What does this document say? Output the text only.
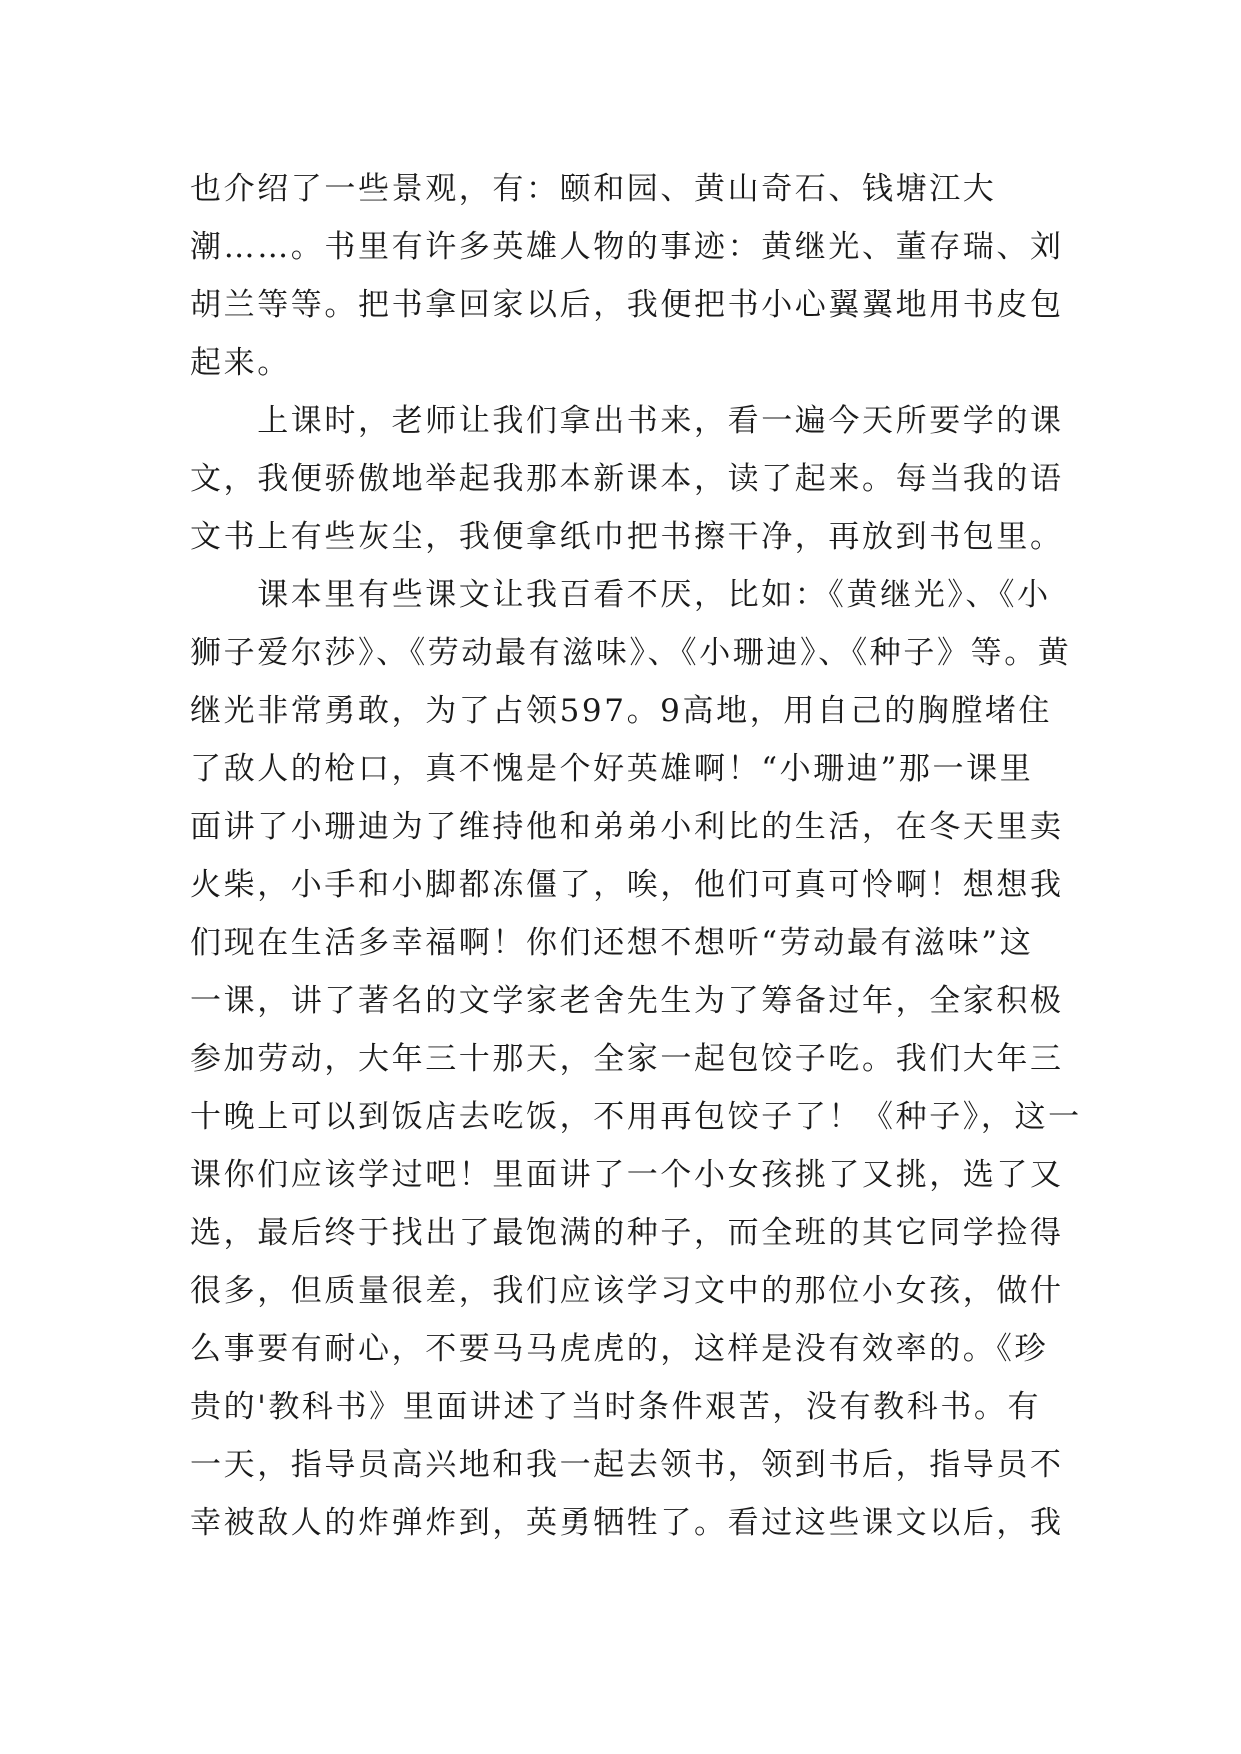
也介绍了一些景观，有：颐和园、黄山奇石、钱塘江大
潮……。书里有许多英雄人物的事迹：黄继光、董存瑞、刘
胡兰等等。把书拿回家以后，我便把书小心翼翼地用书皮包
起来。
　　上课时，老师让我们拿出书来，看一遍今天所要学的课
文，我便骄傲地举起我那本新课本，读了起来。每当我的语
文书上有些灰尘，我便拿纸巾把书擦干净，再放到书包里。
　　课本里有些课文让我百看不厌，比如：《黄继光》、《小
狮子爱尔莎》、《劳动最有滋味》、《小珊迪》、《种子》等。黄
继光非常勇敢，为了占领597。9高地，用自己的胸膛堵住
了敌人的枪口，真不愧是个好英雄啊！“小珊迪”那一课里
面讲了小珊迪为了维持他和弟弟小利比的生活，在冬天里卖
火柴，小手和小脚都冻僵了，唉，他们可真可怜啊！想想我
们现在生活多幸福啊！你们还想不想听“劳动最有滋味”这
一课，讲了著名的文学家老舍先生为了筹备过年，全家积极
参加劳动，大年三十那天，全家一起包饺子吃。我们大年三
十晚上可以到饭店去吃饭，不用再包饺子了！《种子》，这一
课你们应该学过吧！里面讲了一个小女孩挑了又挑，选了又
选，最后终于找出了最饱满的种子，而全班的其它同学捡得
很多，但质量很差，我们应该学习文中的那位小女孩，做什
么事要有耐心，不要马马虎虎的，这样是没有效率的。《珍
贵的'教科书》里面讲述了当时条件艰苦，没有教科书。有
一天，指导员高兴地和我一起去领书，领到书后，指导员不
幸被敌人的炸弹炸到，英勇牺牲了。看过这些课文以后，我
